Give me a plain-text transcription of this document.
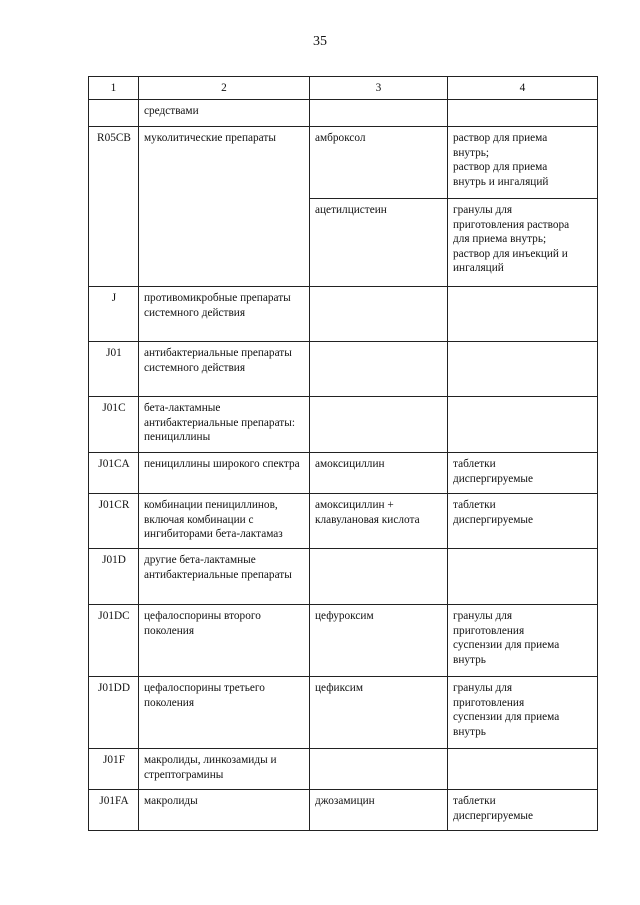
35
1	2	3	4
	средствами		
R05CB	муколитические препараты	амброксол	раствор для приема
внутрь;
раствор для приема
внутрь и ингаляций
		ацетилцистеин	гранулы для
приготовления раствора
для приема внутрь;
раствор для инъекций и
ингаляций
J	противомикробные препараты системного действия		
J01	антибактериальные препараты системного действия		
J01C	бета-лактамные антибактериальные препараты: пенициллины		
J01CA	пенициллины широкого спектра	амоксициллин	таблетки
диспергируемые
J01CR	комбинации пенициллинов, включая комбинации с ингибиторами бета-лактамаз	амоксициллин + клавулановая кислота	таблетки
диспергируемые
J01D	другие бета-лактамные антибактериальные препараты		
J01DC	цефалоспорины второго поколения	цефуроксим	гранулы для
приготовления
суспензии для приема
внутрь
J01DD	цефалоспорины третьего поколения	цефиксим	гранулы для
приготовления
суспензии для приема
внутрь
J01F	макролиды, линкозамиды и стрептограмины		
J01FA	макролиды	джозамицин	таблетки
диспергируемые
